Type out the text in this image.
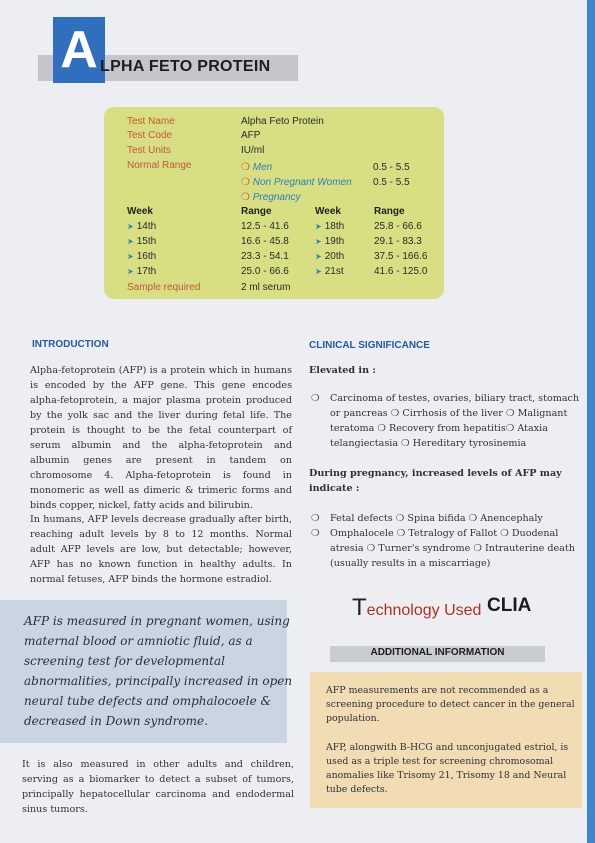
A LPHA FETO PROTEIN
Test Name	Alpha Feto Protein
Test Code	AFP
Test Units	IU/ml
Normal Range	❍ Men	0.5 - 5.5
❍ Non Pregnant Women 0.5 - 5.5
❍ Pregnancy
Week	Range	Week	Range
➤ 14th	12.5 - 41.6	➤ 18th	25.8 - 66.6
➤ 15th	16.6 - 45.8	➤ 19th	29.1 - 83.3
➤ 16th	23.3 - 54.1	➤ 20th	37.5 - 166.6
➤ 17th	25.0 - 66.6	➤ 21st	41.6 - 125.0
Sample required	2 ml serum
INTRODUCTION

Alpha-fetoprotein (AFP) is a protein which in humans is encoded by the AFP gene. This gene encodes alpha-fetoprotein, a major plasma protein produced by the yolk sac and the liver during fetal life. The protein is thought to be the fetal counterpart of serum albumin and the alpha-fetoprotein and albumin genes are present in tandem on chromosome 4. Alpha-fetoprotein is found in monomeric as well as dimeric & trimeric forms and binds copper, nickel, fatty acids and bilirubin.

In humans, AFP levels decrease gradually after birth, reaching adult levels by 8 to 12 months. Normal adult AFP levels are low, but detectable; however, AFP has no known function in healthy adults. In normal fetuses, AFP binds the hormone estradiol.

AFP is measured in pregnant women, using
maternal blood or amniotic fluid, as a
screening test for developmental
abnormalities, principally increased in open
neural tube defects and omphalocoele &
decreased in Down syndrome.

It is also measured in other adults and children, serving as a biomarker to detect a subset of tumors, principally hepatocellular carcinoma and endodermal sinus tumors.

CLINICAL SIGNIFICANCE
Elevated in :
❍ Carcinoma of testes, ovaries, biliary tract, stomach
or pancreas ❍ Cirrhosis of the liver ❍ Malignant
teratoma ❍ Recovery from hepatitis❍ Ataxia
telangiectasia ❍ Hereditary tyrosinemia
During pregnancy, increased levels of AFP may
indicate :
❍ Fetal defects ❍ Spina bifida ❍ Anencephaly
❍ Omphalocele ❍ Tetralogy of Fallot ❍ Duodenal
atresia ❍ Turner's syndrome ❍ Intrauterine death
(usually results in a miscarriage)
Technology Used CLIA
ADDITIONAL INFORMATION
AFP measurements are not recommended as a
screening procedure to detect cancer in the general
population.
AFP, alongwith B-HCG and unconjugated estriol, is
used as a triple test for screening chromosomal
anomalies like Trisomy 21, Trisomy 18 and Neural
tube defects.
